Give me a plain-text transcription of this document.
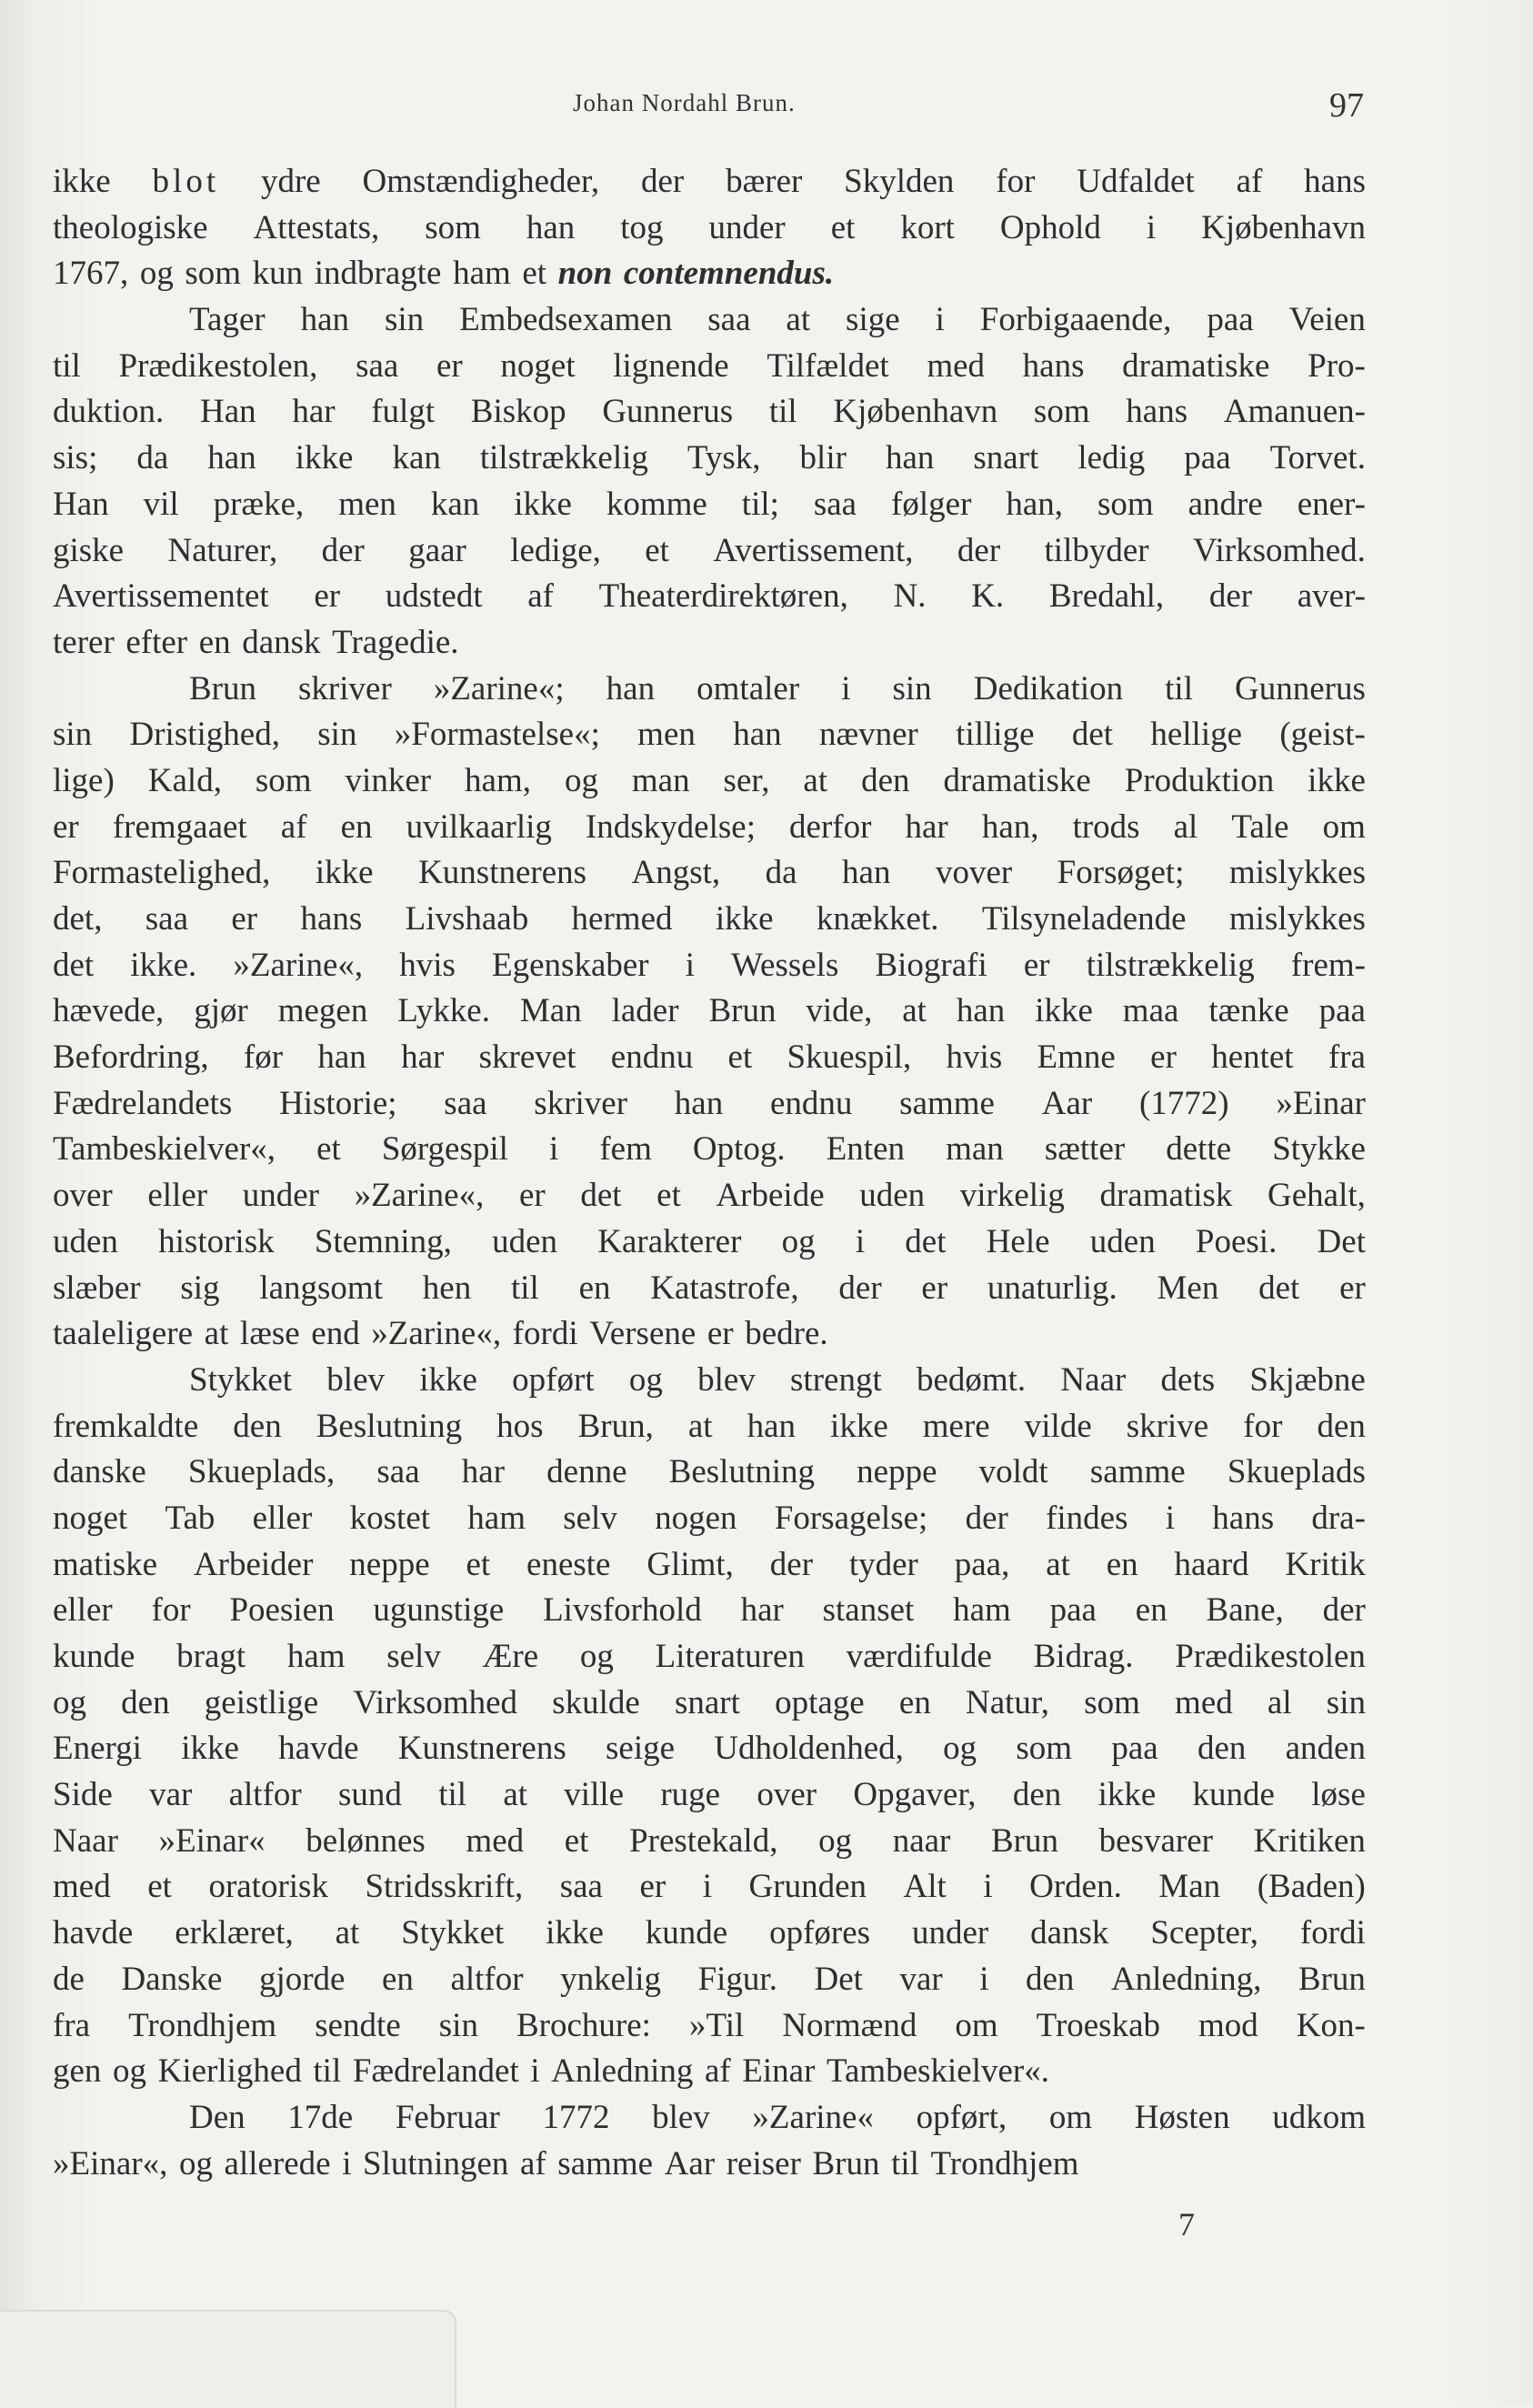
Johan Nordahl Brun.	97
ikke blot ydre Omstændigheder, der bærer Skylden for Udfaldet af hans
theologiske Attestats, som han tog under et kort Ophold i Kjøbenhavn
1767, og som kun indbragte ham et non contemnendus.
Tager han sin Embedsexamen saa at sige i Forbigaaende, paa Veien
til Prædikestolen, saa er noget lignende Tilfældet med hans dramatiske Pro-
duktion. Han har fulgt Biskop Gunnerus til Kjøbenhavn som hans Amanuen-
sis; da han ikke kan tilstrækkelig Tysk, blir han snart ledig paa Torvet.
Han vil præke, men kan ikke komme til; saa følger han, som andre ener-
giske Naturer, der gaar ledige, et Avertissement, der tilbyder Virksomhed.
Avertissementet er udstedt af Theaterdirektøren, N. K. Bredahl, der aver-
terer efter en dansk Tragedie.
Brun skriver »Zarine«; han omtaler i sin Dedikation til Gunnerus
sin Dristighed, sin »Formastelse«; men han nævner tillige det hellige (geist-
lige) Kald, som vinker ham, og man ser, at den dramatiske Produktion ikke
er fremgaaet af en uvilkaarlig Indskydelse; derfor har han, trods al Tale om
Formastelighed, ikke Kunstnerens Angst, da han vover Forsøget; mislykkes
det, saa er hans Livshaab hermed ikke knækket. Tilsyneladende mislykkes
det ikke. »Zarine«, hvis Egenskaber i Wessels Biografi er tilstrækkelig frem-
hævede, gjør megen Lykke. Man lader Brun vide, at han ikke maa tænke paa
Befordring, før han har skrevet endnu et Skuespil, hvis Emne er hentet fra
Fædrelandets Historie; saa skriver han endnu samme Aar (1772) »Einar
Tambeskielver«, et Sørgespil i fem Optog. Enten man sætter dette Stykke
over eller under »Zarine«, er det et Arbeide uden virkelig dramatisk Gehalt,
uden historisk Stemning, uden Karakterer og i det Hele uden Poesi. Det
slæber sig langsomt hen til en Katastrofe, der er unaturlig. Men det er
taaleligere at læse end »Zarine«, fordi Versene er bedre.
Stykket blev ikke opført og blev strengt bedømt. Naar dets Skjæbne
fremkaldte den Beslutning hos Brun, at han ikke mere vilde skrive for den
danske Skueplads, saa har denne Beslutning neppe voldt samme Skueplads
noget Tab eller kostet ham selv nogen Forsagelse; der findes i hans dra-
matiske Arbeider neppe et eneste Glimt, der tyder paa, at en haard Kritik
eller for Poesien ugunstige Livsforhold har stanset ham paa en Bane, der
kunde bragt ham selv Ære og Literaturen værdifulde Bidrag. Prædikestolen
og den geistlige Virksomhed skulde snart optage en Natur, som med al sin
Energi ikke havde Kunstnerens seige Udholdenhed, og som paa den anden
Side var altfor sund til at ville ruge over Opgaver, den ikke kunde løse
Naar »Einar« belønnes med et Prestekald, og naar Brun besvarer Kritiken
med et oratorisk Stridsskrift, saa er i Grunden Alt i Orden. Man (Baden)
havde erklæret, at Stykket ikke kunde opføres under dansk Scepter, fordi
de Danske gjorde en altfor ynkelig Figur. Det var i den Anledning, Brun
fra Trondhjem sendte sin Brochure: »Til Normænd om Troeskab mod Kon-
gen og Kierlighed til Fædrelandet i Anledning af Einar Tambeskielver«.
Den 17de Februar 1772 blev »Zarine« opført, om Høsten udkom
»Einar«, og allerede i Slutningen af samme Aar reiser Brun til Trondhjem
7
